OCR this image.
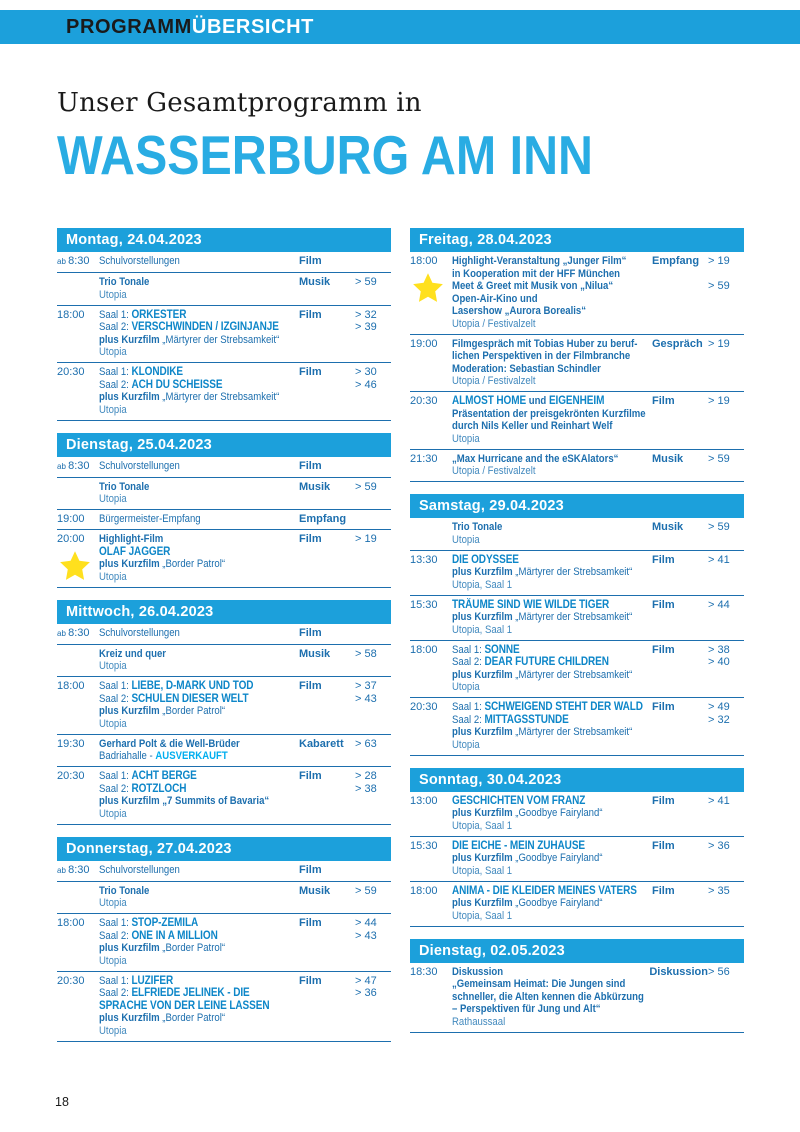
PROGRAMM ÜBERSICHT
Unser Gesamtprogramm in
WASSERBURG AM INN
Montag, 24.04.2023
ab 8:30 Schulvorstellungen	Film
Trio Tonale
Utopia
Musik	> 59
18:00	Saal 1: ORKESTER
Saal 2: VERSCHWINDEN / IZGINJANJE
plus Kurzfilm „Märtyrer der Strebsamkeit“
Utopia
Film	> 32
> 39
20:30	Saal 1: KLONDIKE
Saal 2: ACH DU SCHEISSE
plus Kurzfilm „Märtyrer der Strebsamkeit“
Utopia
Film	> 30
> 46
Dienstag, 25.04.2023
ab 8:30 Schulvorstellungen	Film
Trio Tonale
Utopia
Musik	> 59
19:00	Bürgermeister-Empfang	Empfang
20:00	Highlight-Film
OLAF JAGGER
plus Kurzfilm „Border Patrol“
Utopia
Film	> 19
Mittwoch, 26.04.2023
ab 8:30 Schulvorstellungen	Film
Kreiz und quer
Utopia
Musik	> 58
18:00	Saal 1: LIEBE, D-MARK UND TOD
Saal 2: SCHULEN DIESER WELT
plus Kurzfilm „Border Patrol“
Utopia
Film	> 37
> 43
19:30	Gerhard Polt & die Well-Brüder
Badriahalle - AUSVERKAUFT
Kabarett	> 63
20:30	Saal 1: ACHT BERGE
Saal 2: ROTZLOCH
plus Kurzfilm „7 Summits of Bavaria“
Utopia
Film	> 28
> 38
Donnerstag, 27.04.2023
ab 8:30 Schulvorstellungen	Film
Trio Tonale
Utopia
Musik	> 59
18:00	Saal 1: STOP-ZEMILA
Saal 2: ONE IN A MILLION
plus Kurzfilm „Border Patrol“
Utopia
Film	> 44
> 43
20:30	Saal 1: LUZIFER
Saal 2: ELFRIEDE JELINEK - DIE
SPRACHE VON DER LEINE LASSEN
plus Kurzfilm „Border Patrol“
Utopia
Film	> 47
> 36
Freitag, 28.04.2023
18:00	Highlight-Veranstaltung „Junger Film“
in Kooperation mit der HFF München
Meet & Greet mit Musik von „Nilua“
Open-Air-Kino und
Lasershow „Aurora Borealis“
Utopia / Festivalzelt
Empfang > 19
> 59
19:00	Filmgespräch mit Tobias Huber zu beruf-
lichen Perspektiven in der Filmbranche
Moderation: Sebastian Schindler
Utopia / Festivalzelt
Gespräch > 19
20:30	ALMOST HOME und EIGENHEIM
Präsentation der preisgekrönten Kurzfilme
durch Nils Keller und Reinhart Welf
Utopia
Film	> 19
21:30	„Max Hurricane and the eSKAlators“
Utopia / Festivalzelt
Musik	> 59
Samstag, 29.04.2023
Trio Tonale
Utopia
Musik	> 59
13:30	DIE ODYSSEE
plus Kurzfilm „Märtyrer der Strebsamkeit“
Utopia, Saal 1
Film	> 41
15:30	TRÄUME SIND WIE WILDE TIGER
plus Kurzfilm „Märtyrer der Strebsamkeit“
Utopia, Saal 1
Film	> 44
18:00	Saal 1: SONNE
Saal 2: DEAR FUTURE CHILDREN
plus Kurzfilm „Märtyrer der Strebsamkeit“
Utopia
Film	> 38
> 40
20:30	Saal 1: SCHWEIGEND STEHT DER WALD
Saal 2: MITTAGSSTUNDE
plus Kurzfilm „Märtyrer der Strebsamkeit“
Utopia
Film	> 49
> 32
Sonntag, 30.04.2023
13:00	GESCHICHTEN VOM FRANZ
plus Kurzfilm „Goodbye Fairyland“
Utopia, Saal 1
Film	> 41
15:30	DIE EICHE - MEIN ZUHAUSE
plus Kurzfilm „Goodbye Fairyland“
Utopia, Saal 1
Film	> 36
18:00	ANIMA - DIE KLEIDER MEINES VATERS
plus Kurzfilm „Goodbye Fairyland“
Utopia, Saal 1
Film	> 35
Dienstag, 02.05.2023
18:30	Diskussion
„Gemeinsam Heimat: Die Jungen sind
schneller, die Alten kennen die Abkürzung
– Perspektiven für Jung und Alt“
Rathaussaal
Diskussion > 56
18
